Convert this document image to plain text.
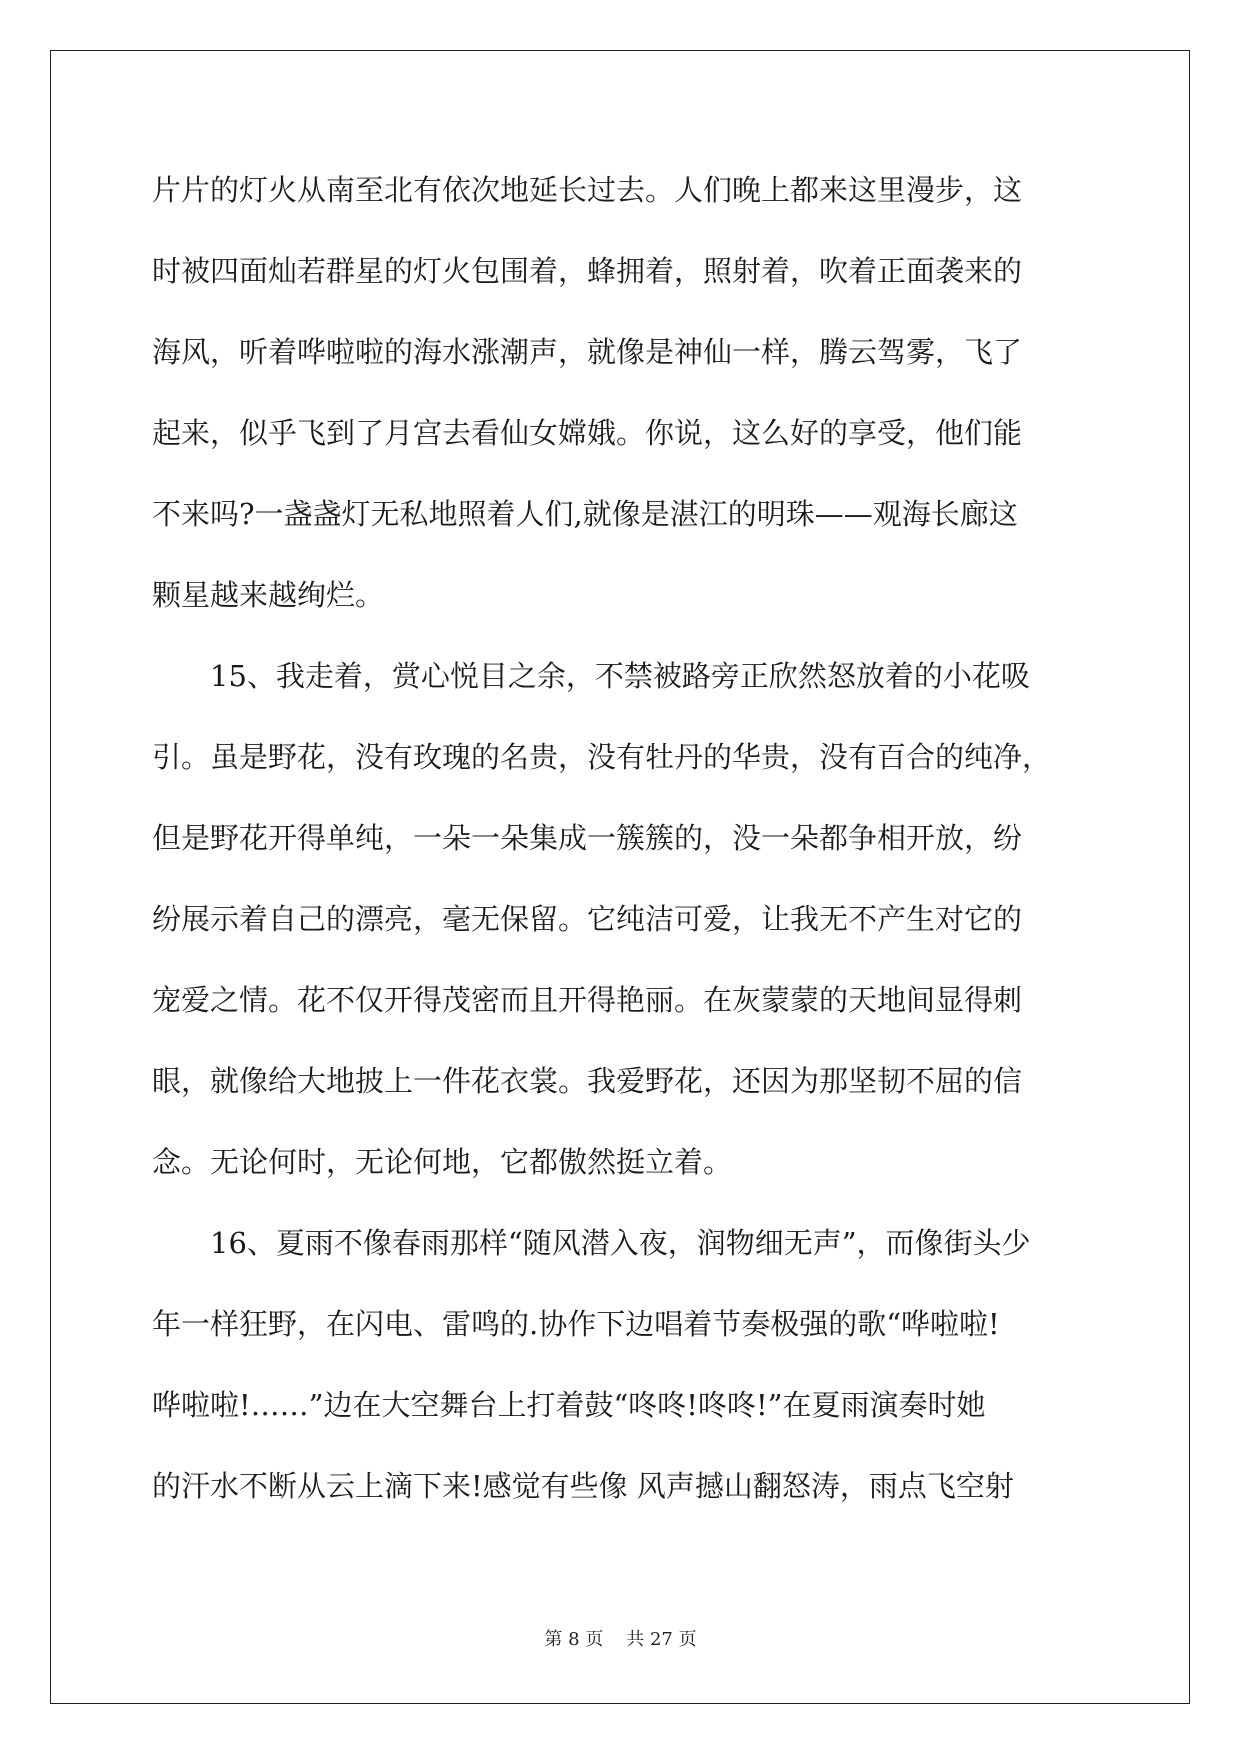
片片的灯火从南至北有依次地延长过去。人们晚上都来这里漫步，这
时被四面灿若群星的灯火包围着，蜂拥着，照射着，吹着正面袭来的
海风，听着哗啦啦的海水涨潮声，就像是神仙一样，腾云驾雾，飞了
起来，似乎飞到了月宫去看仙女嫦娥。你说，这么好的享受，他们能
不来吗?一盏盏灯无私地照着人们,就像是湛江的明珠——观海长廊这
颗星越来越绚烂。
　　15、我走着，赏心悦目之余，不禁被路旁正欣然怒放着的小花吸
引。虽是野花，没有玫瑰的名贵，没有牡丹的华贵，没有百合的纯净，
但是野花开得单纯，一朵一朵集成一簇簇的，没一朵都争相开放，纷
纷展示着自己的漂亮，毫无保留。它纯洁可爱，让我无不产生对它的
宠爱之情。花不仅开得茂密而且开得艳丽。在灰蒙蒙的天地间显得刺
眼，就像给大地披上一件花衣裳。我爱野花，还因为那坚韧不屈的信
念。无论何时，无论何地，它都傲然挺立着。
　　16、夏雨不像春雨那样“随风潜入夜，润物细无声”，而像街头少
年一样狂野，在闪电、雷鸣的.协作下边唱着节奏极强的歌“哗啦啦!
哗啦啦!……”边在大空舞台上打着鼓“咚咚!咚咚!”在夏雨演奏时她
的汗水不断从云上滴下来!感觉有些像 风声撼山翻怒涛，雨点飞空射
第 8 页 共 27 页
